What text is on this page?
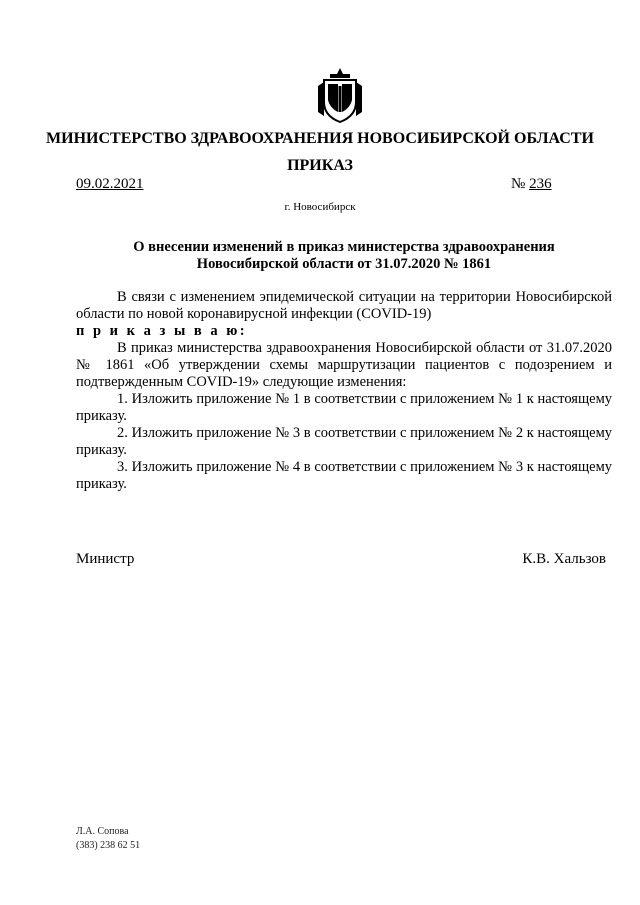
МИНИСТЕРСТВО ЗДРАВООХРАНЕНИЯ НОВОСИБИРСКОЙ ОБЛАСТИ
ПРИКАЗ
09.02.2021	№ 236
г. Новосибирск
О внесении изменений в приказ министерства здравоохранения
Новосибирской области от 31.07.2020 № 1861

В связи с изменением эпидемической ситуации на территории Новосибирской области по новой коронавирусной инфекции (COVID-19)

п р и к а з ы в а ю:

В приказ министерства здравоохранения Новосибирской области от 31.07.2020 № 1861 «Об утверждении схемы маршрутизации пациентов с подозрением и подтвержденным COVID-19» следующие изменения:

1. Изложить приложение № 1 в соответствии с приложением № 1 к настоящему приказу.

2. Изложить приложение № 3 в соответствии с приложением № 2 к настоящему приказу.

3. Изложить приложение № 4 в соответствии с приложением № 3 к настоящему приказу.

Министр	К.В. Хальзов
Л.А. Сопова
(383) 238 62 51
